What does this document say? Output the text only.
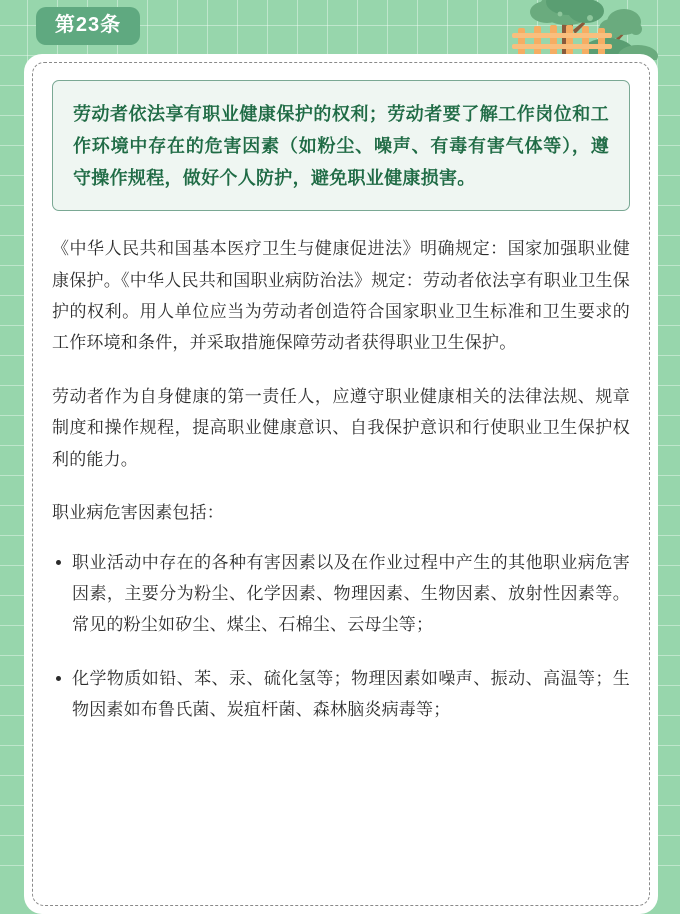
第23条
劳动者依法享有职业健康保护的权利；劳动者要了解工作岗位和工作环境中存在的危害因素（如粉尘、噪声、有毒有害气体等），遵守操作规程，做好个人防护，避免职业健康损害。

《中华人民共和国基本医疗卫生与健康促进法》明确规定：国家加强职业健康保护。《中华人民共和国职业病防治法》规定：劳动者依法享有职业卫生保护的权利。用人单位应当为劳动者创造符合国家职业卫生标准和卫生要求的工作环境和条件，并采取措施保障劳动者获得职业卫生保护。

劳动者作为自身健康的第一责任人，应遵守职业健康相关的法律法规、规章制度和操作规程，提高职业健康意识、自我保护意识和行使职业卫生保护权利的能力。

职业病危害因素包括：

职业活动中存在的各种有害因素以及在作业过程中产生的其他职业病危害因素，主要分为粉尘、化学因素、物理因素、生物因素、放射性因素等。常见的粉尘如矽尘、煤尘、石棉尘、云母尘等；
化学物质如铅、苯、汞、硫化氢等；物理因素如噪声、振动、高温等；生物因素如布鲁氏菌、炭疽杆菌、森林脑炎病毒等；
